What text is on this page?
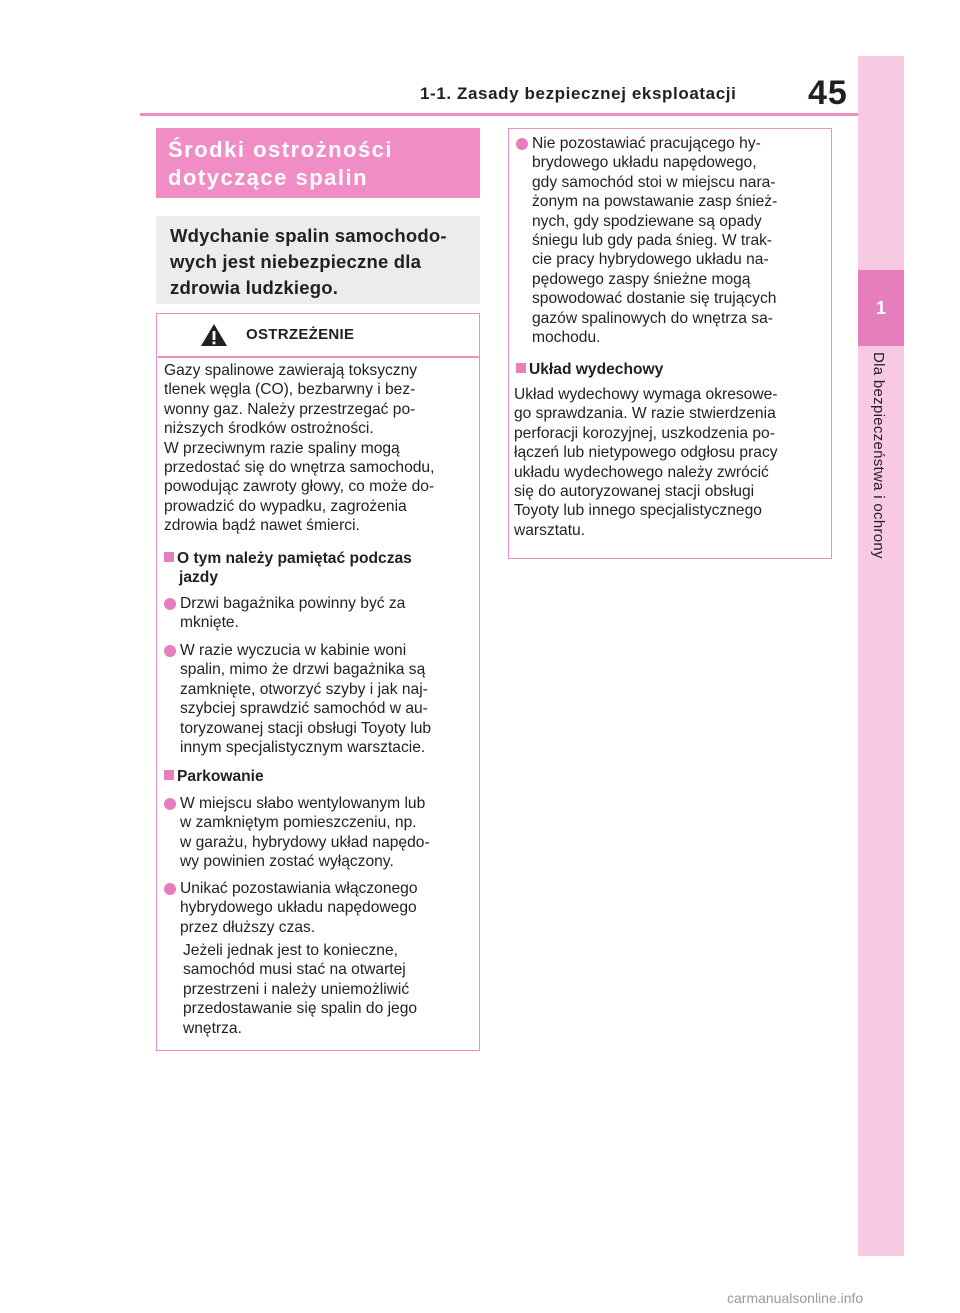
1-1. Zasady bezpiecznej eksploatacji 45
1
Dla bezpieczeństwa i ochrony
Środki ostrożności
dotyczące spalin
Wdychanie spalin samochodo-
wych jest niebezpieczne dla
zdrowia ludzkiego.
OSTRZEŻENIE
Gazy spalinowe zawierają toksyczny
tlenek węgla (CO), bezbarwny i bez-
wonny gaz. Należy przestrzegać po-
niższych środków ostrożności.
W przeciwnym razie spaliny mogą
przedostać się do wnętrza samochodu,
powodując zawroty głowy, co może do-
prowadzić do wypadku, zagrożenia
zdrowia bądź nawet śmierci.
O tym należy pamiętać podczas
jazdy
Drzwi bagażnika powinny być za
mknięte.
W razie wyczucia w kabinie woni
spalin, mimo że drzwi bagażnika są
zamknięte, otworzyć szyby i jak naj-
szybciej sprawdzić samochód w au-
toryzowanej stacji obsługi Toyoty lub
innym specjalistycznym warsztacie.
Parkowanie
W miejscu słabo wentylowanym lub
w zamkniętym pomieszczeniu, np.
w garażu, hybrydowy układ napędo-
wy powinien zostać wyłączony.
Unikać pozostawiania włączonego
hybrydowego układu napędowego
przez dłuższy czas.
Jeżeli jednak jest to konieczne,
samochód musi stać na otwartej
przestrzeni i należy uniemożliwić
przedostawanie się spalin do jego
wnętrza.
Nie pozostawiać pracującego hy-
brydowego układu napędowego,
gdy samochód stoi w miejscu nara-
żonym na powstawanie zasp śnież-
nych, gdy spodziewane są opady
śniegu lub gdy pada śnieg. W trak-
cie pracy hybrydowego układu na-
pędowego zaspy śnieżne mogą
spowodować dostanie się trujących
gazów spalinowych do wnętrza sa-
mochodu.
Układ wydechowy
Układ wydechowy wymaga okresowe-
go sprawdzania. W razie stwierdzenia
perforacji korozyjnej, uszkodzenia po-
łączeń lub nietypowego odgłosu pracy
układu wydechowego należy zwrócić
się do autoryzowanej stacji obsługi
Toyoty lub innego specjalistycznego
warsztatu.
carmanualsonline.info
